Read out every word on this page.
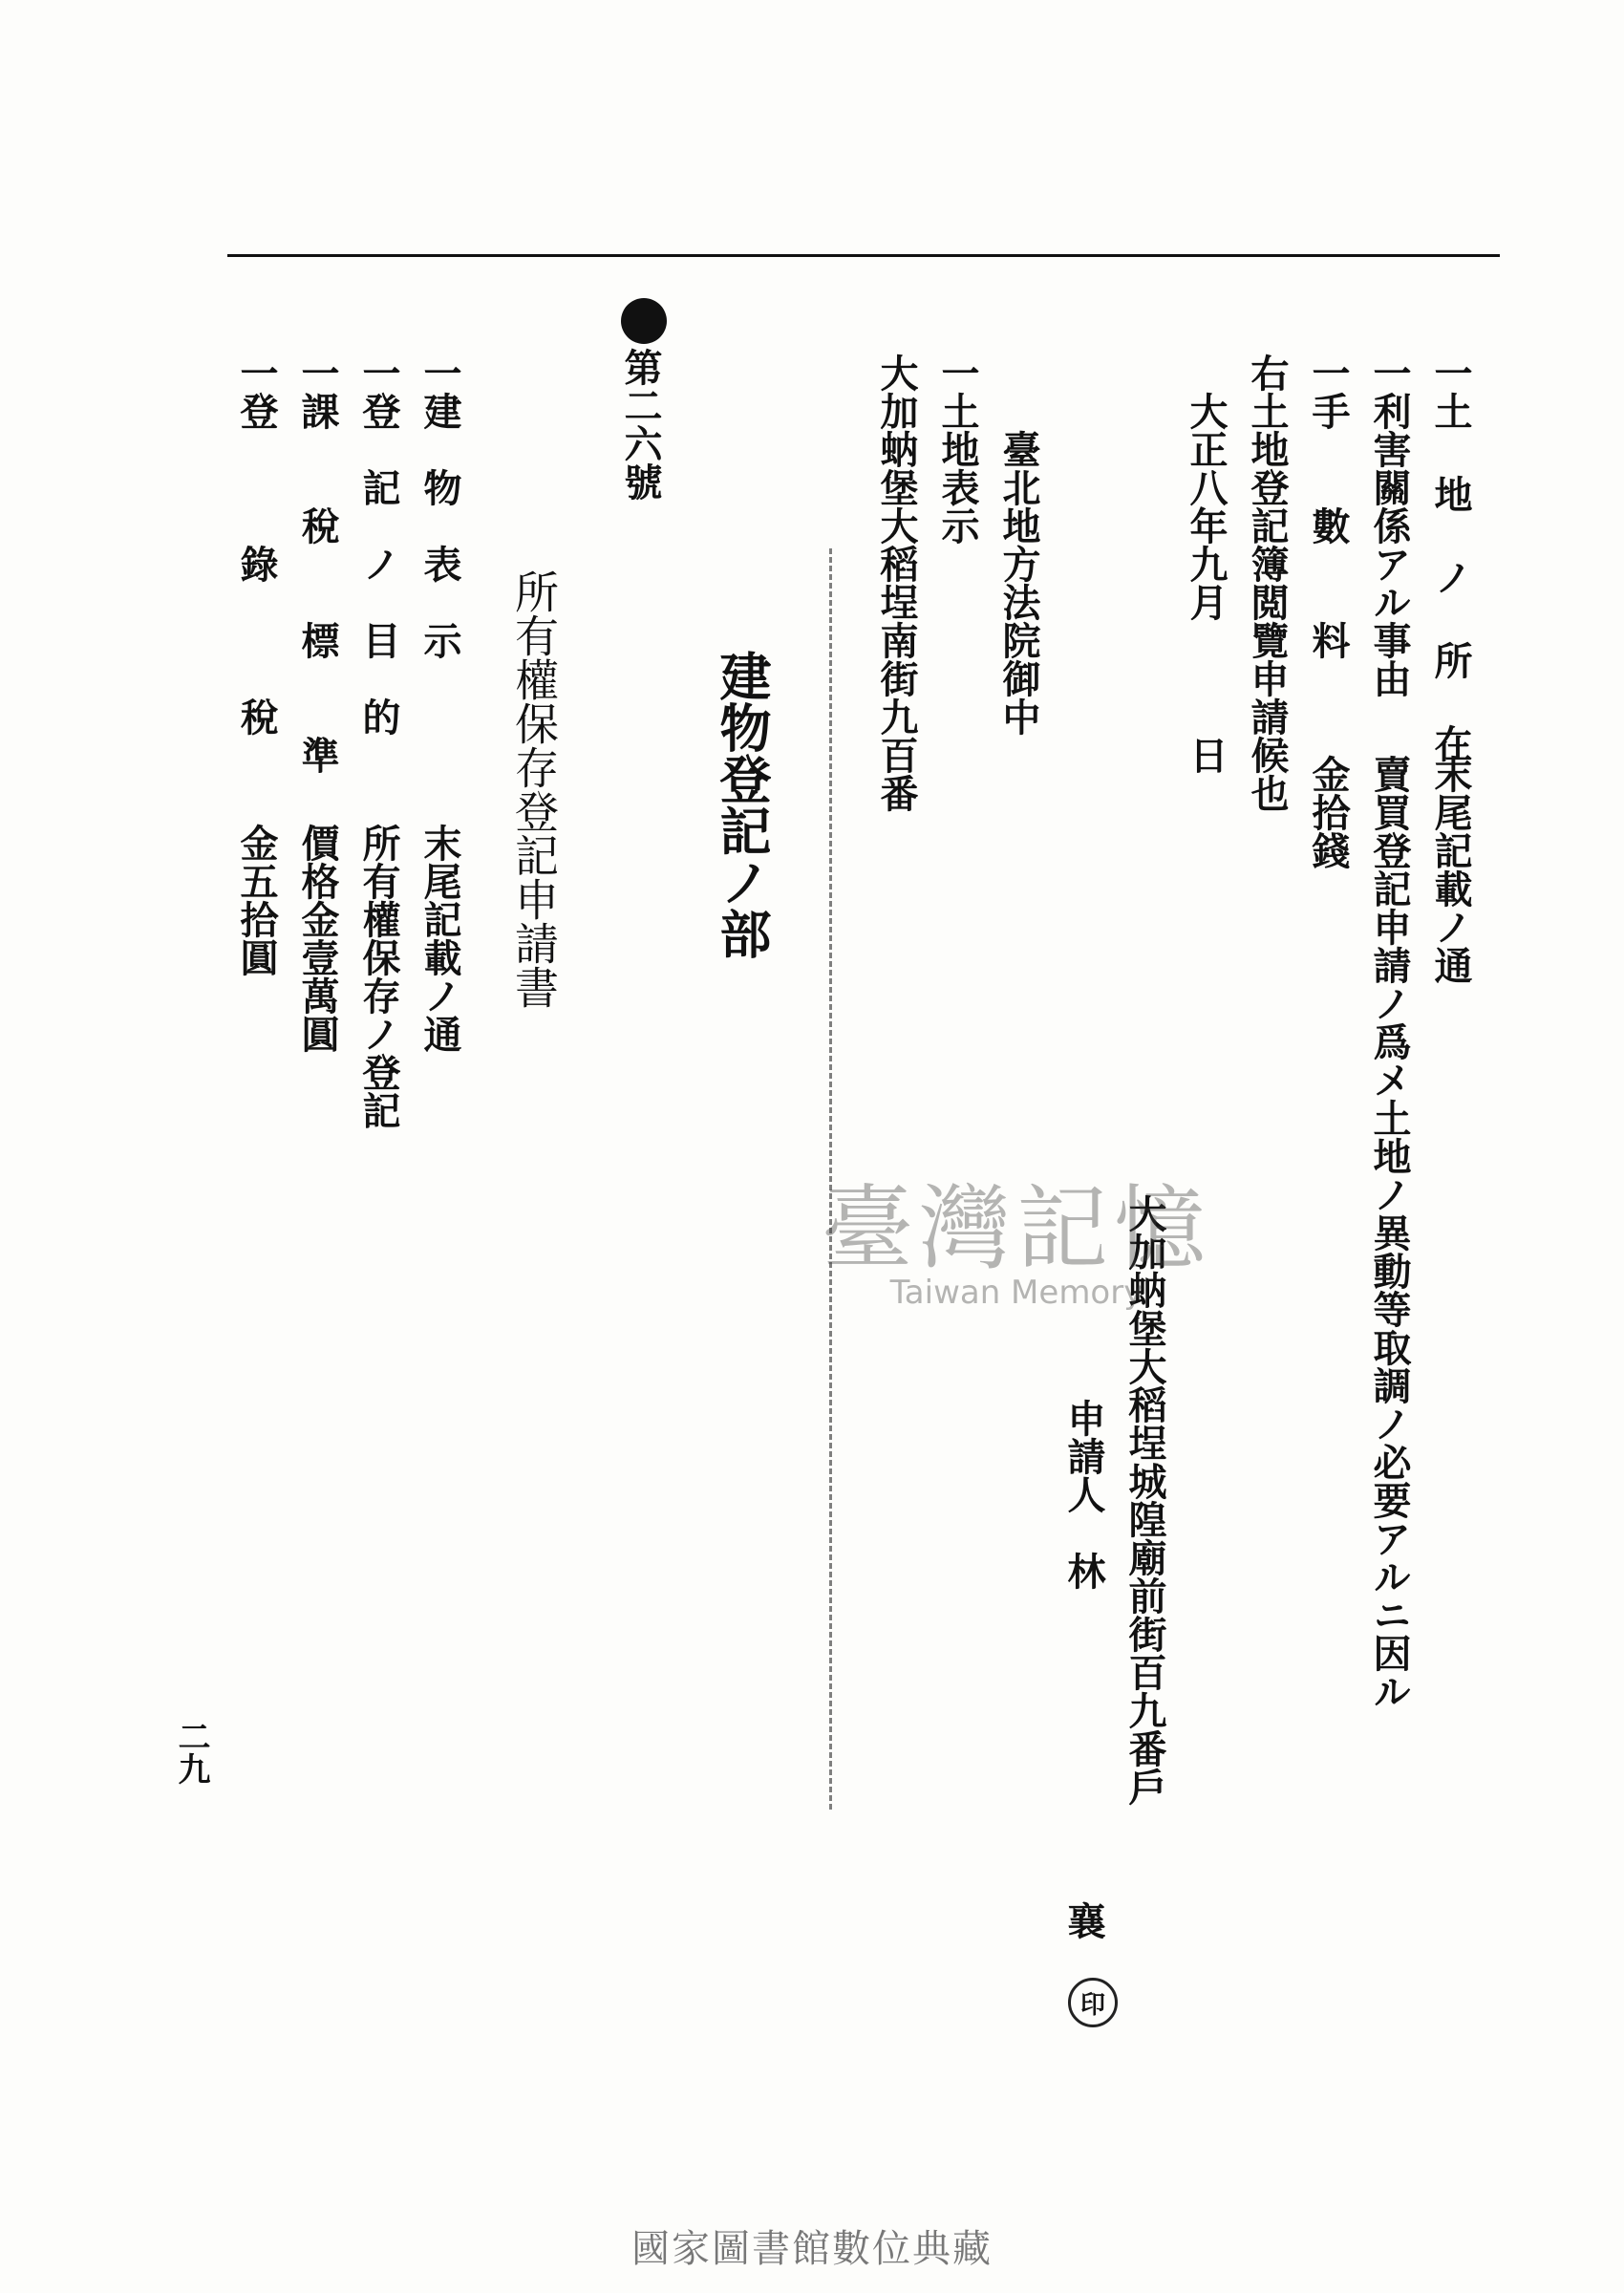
一土 地 ノ 所 在
末尾記載ノ通
一利害關係アル事由
賣買登記申請ノ爲メ土地ノ異動等取調ノ必要アルニ因ル
一手　　數　　料
金拾錢
右土地登記簿閲覽申請候也
大正八年九月　　　日
大加蚋堡大稻埕城隍廟前街百九番戶
申請人　林
襄
印
臺北地方法院御中
一土地表示
大加蚋堡大稻埕南街九百番
建物登記ノ部
第二六號
所有權保存登記申請書
一建　物　表　示
末尾記載ノ通
一登　記　ノ　目　的
所有權保存ノ登記
一課　　稅　　標　　準
價格金壹萬圓
一登　　　錄　　　稅
金五拾圓
臺灣記憶
Taiwan Memory
二九
國家圖書館數位典藏
